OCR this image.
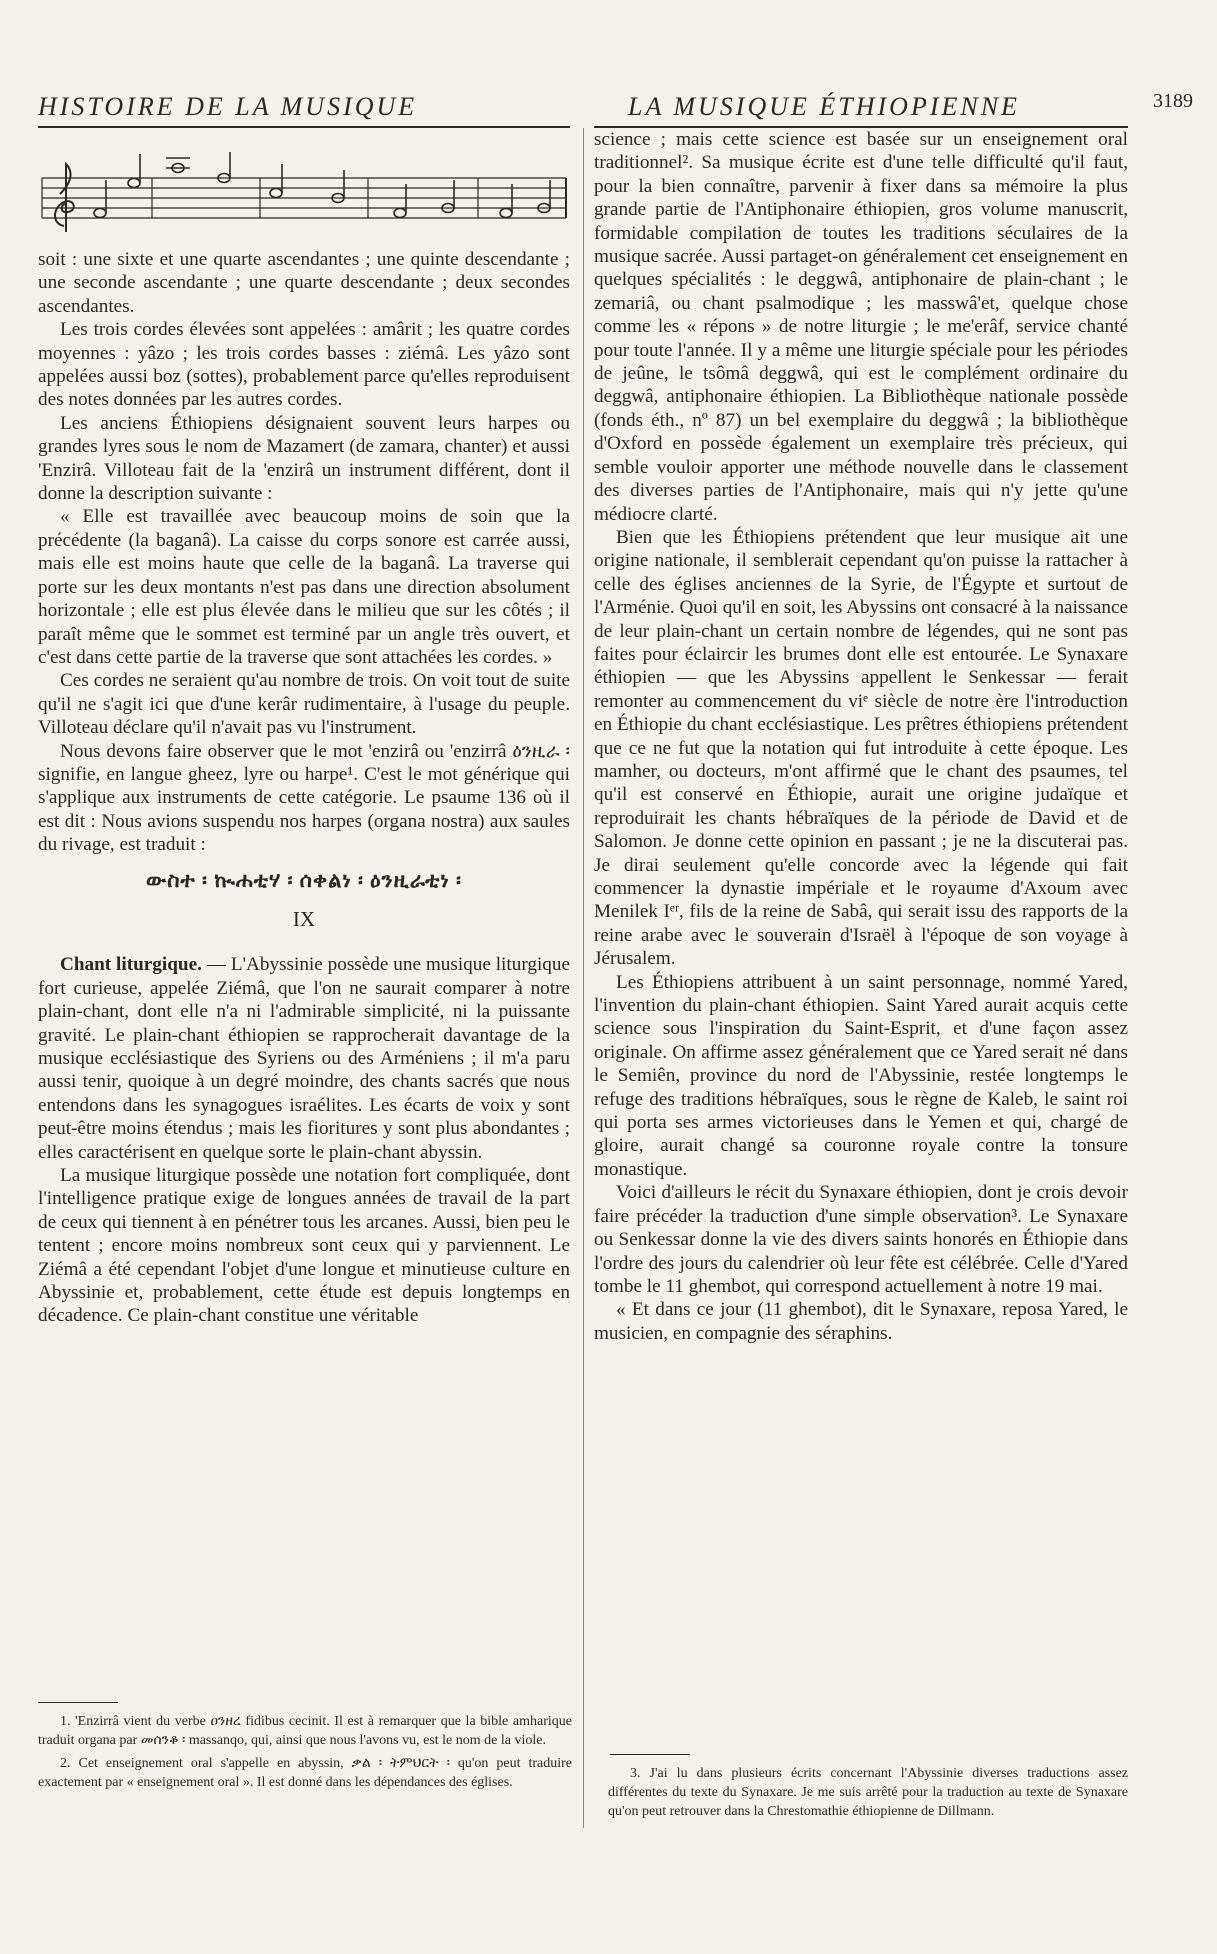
HISTOIRE DE LA MUSIQUE	LA MUSIQUE ÉTHIOPIENNE	3189

soit : une sixte et une quarte ascendantes ; une quinte descendante ; une seconde ascendante ; une quarte descendante ; deux secondes ascendantes.

Les trois cordes élevées sont appelées : amârit ; les quatre cordes moyennes : yâzo ; les trois cordes basses : ziémâ. Les yâzo sont appelées aussi boz (sottes), probablement parce qu'elles reproduisent des notes données par les autres cordes.

Les anciens Éthiopiens désignaient souvent leurs harpes ou grandes lyres sous le nom de Mazamert (de zamara, chanter) et aussi 'Enzirâ. Villoteau fait de la 'enzirâ un instrument différent, dont il donne la description suivante :

« Elle est travaillée avec beaucoup moins de soin que la précédente (la baganâ). La caisse du corps sonore est carrée aussi, mais elle est moins haute que celle de la baganâ. La traverse qui porte sur les deux montants n'est pas dans une direction absolument horizontale ; elle est plus élevée dans le milieu que sur les côtés ; il paraît même que le sommet est terminé par un angle très ouvert, et c'est dans cette partie de la traverse que sont attachées les cordes. »

Ces cordes ne seraient qu'au nombre de trois. On voit tout de suite qu'il ne s'agit ici que d'une kerâr rudimentaire, à l'usage du peuple. Villoteau déclare qu'il n'avait pas vu l'instrument.

Nous devons faire observer que le mot 'enzirâ ou 'enzirrâ ዕንዚራ ፡ signifie, en langue gheez, lyre ou harpe¹. C'est le mot générique qui s'applique aux instruments de cette catégorie. Le psaume 136 où il est dit : Nous avions suspendu nos harpes (organa nostra) aux saules du rivage, est traduit :

ውስተ ፡ ኲሐቲሃ ፡ ሰቀልነ ፡ ዕንዚራቲነ ፡
IX

Chant liturgique. — L'Abyssinie possède une musique liturgique fort curieuse, appelée Ziémâ, que l'on ne saurait comparer à notre plain-chant, dont elle n'a ni l'admirable simplicité, ni la puissante gravité. Le plain-chant éthiopien se rapprocherait davantage de la musique ecclésiastique des Syriens ou des Arméniens ; il m'a paru aussi tenir, quoique à un degré moindre, des chants sacrés que nous entendons dans les synagogues israélites. Les écarts de voix y sont peut-être moins étendus ; mais les fioritures y sont plus abondantes ; elles caractérisent en quelque sorte le plain-chant abyssin.

La musique liturgique possède une notation fort compliquée, dont l'intelligence pratique exige de longues années de travail de la part de ceux qui tiennent à en pénétrer tous les arcanes. Aussi, bien peu le tentent ; encore moins nombreux sont ceux qui y parviennent. Le Ziémâ a été cependant l'objet d'une longue et minutieuse culture en Abyssinie et, probablement, cette étude est depuis longtemps en décadence. Ce plain-chant constitue une véritable

science ; mais cette science est basée sur un enseignement oral traditionnel². Sa musique écrite est d'une telle difficulté qu'il faut, pour la bien connaître, parvenir à fixer dans sa mémoire la plus grande partie de l'Antiphonaire éthiopien, gros volume manuscrit, formidable compilation de toutes les traditions séculaires de la musique sacrée. Aussi partaget-on généralement cet enseignement en quelques spécialités : le deggwâ, antiphonaire de plain-chant ; le zemariâ, ou chant psalmodique ; les masswâ'et, quelque chose comme les « répons » de notre liturgie ; le me'erâf, service chanté pour toute l'année. Il y a même une liturgie spéciale pour les périodes de jeûne, le tsômâ deggwâ, qui est le complément ordinaire du deggwâ, antiphonaire éthiopien. La Bibliothèque nationale possède (fonds éth., nº 87) un bel exemplaire du deggwâ ; la bibliothèque d'Oxford en possède également un exemplaire très précieux, qui semble vouloir apporter une méthode nouvelle dans le classement des diverses parties de l'Antiphonaire, mais qui n'y jette qu'une médiocre clarté.

Bien que les Éthiopiens prétendent que leur musique ait une origine nationale, il semblerait cependant qu'on puisse la rattacher à celle des églises anciennes de la Syrie, de l'Égypte et surtout de l'Arménie. Quoi qu'il en soit, les Abyssins ont consacré à la naissance de leur plain-chant un certain nombre de légendes, qui ne sont pas faites pour éclaircir les brumes dont elle est entourée. Le Synaxare éthiopien — que les Abyssins appellent le Senkessar — ferait remonter au commencement du viᵉ siècle de notre ère l'introduction en Éthiopie du chant ecclésiastique. Les prêtres éthiopiens prétendent que ce ne fut que la notation qui fut introduite à cette époque. Les mamher, ou docteurs, m'ont affirmé que le chant des psaumes, tel qu'il est conservé en Éthiopie, aurait une origine judaïque et reproduirait les chants hébraïques de la période de David et de Salomon. Je donne cette opinion en passant ; je ne la discuterai pas. Je dirai seulement qu'elle concorde avec la légende qui fait commencer la dynastie impériale et le royaume d'Axoum avec Menilek Iᵉʳ, fils de la reine de Sabâ, qui serait issu des rapports de la reine arabe avec le souverain d'Israël à l'époque de son voyage à Jérusalem.

Les Éthiopiens attribuent à un saint personnage, nommé Yared, l'invention du plain-chant éthiopien. Saint Yared aurait acquis cette science sous l'inspiration du Saint-Esprit, et d'une façon assez originale. On affirme assez généralement que ce Yared serait né dans le Semiên, province du nord de l'Abyssinie, restée longtemps le refuge des traditions hébraïques, sous le règne de Kaleb, le saint roi qui porta ses armes victorieuses dans le Yemen et qui, chargé de gloire, aurait changé sa couronne royale contre la tonsure monastique.

Voici d'ailleurs le récit du Synaxare éthiopien, dont je crois devoir faire précéder la traduction d'une simple observation³. Le Synaxare ou Senkessar donne la vie des divers saints honorés en Éthiopie dans l'ordre des jours du calendrier où leur fête est célébrée. Celle d'Yared tombe le 11 ghembot, qui correspond actuellement à notre 19 mai.

« Et dans ce jour (11 ghembot), dit le Synaxare, reposa Yared, le musicien, en compagnie des séraphins.

1. 'Enzirrâ vient du verbe ዐንዘረ fidibus cecinit. Il est à remarquer que la bible amharique traduit organa par መሰንቆ ፡ massanqo, qui, ainsi que nous l'avons vu, est le nom de la viole.

2. Cet enseignement oral s'appelle en abyssin, ቃል ፡ ትምህርት ፡ qu'on peut traduire exactement par « enseignement oral ». Il est donné dans les dépendances des églises.

3. J'ai lu dans plusieurs écrits concernant l'Abyssinie diverses traductions assez différentes du texte du Synaxare. Je me suis arrêté pour la traduction au texte de Synaxare qu'on peut retrouver dans la Chrestomathie éthiopienne de Dillmann.
